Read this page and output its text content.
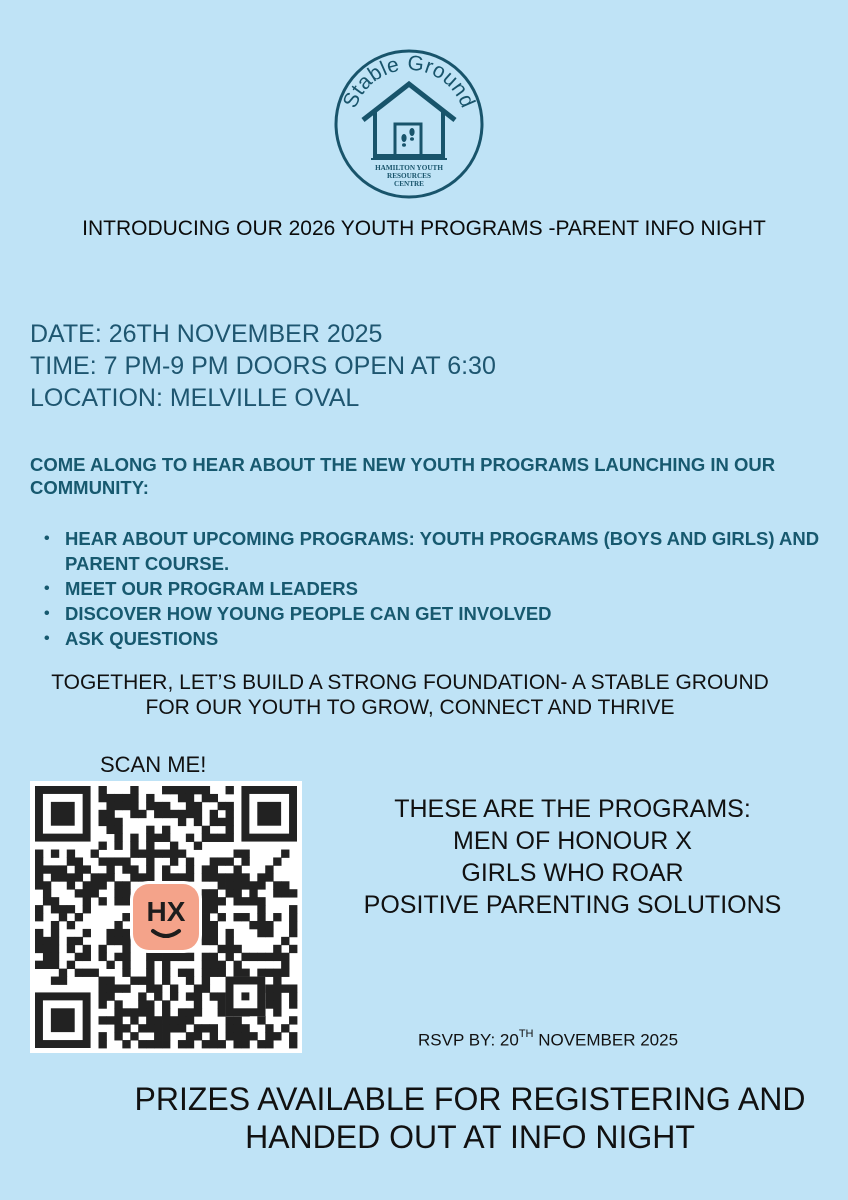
Stable Ground
HAMILTON YOUTH
RESOURCES
CENTRE
INTRODUCING OUR 2026 YOUTH PROGRAMS -PARENT INFO NIGHT
DATE: 26TH NOVEMBER 2025
TIME: 7 PM-9 PM DOORS OPEN AT 6:30
LOCATION: MELVILLE OVAL
COME ALONG TO HEAR ABOUT THE NEW YOUTH PROGRAMS LAUNCHING IN OUR COMMUNITY:
• HEAR ABOUT UPCOMING PROGRAMS: YOUTH PROGRAMS (BOYS AND GIRLS) AND PARENT COURSE.
• MEET OUR PROGRAM LEADERS
• DISCOVER HOW YOUNG PEOPLE CAN GET INVOLVED
• ASK QUESTIONS
TOGETHER, LET’S BUILD A STRONG FOUNDATION- A STABLE GROUND FOR OUR YOUTH TO GROW, CONNECT AND THRIVE
SCAN ME!
HX
THESE ARE THE PROGRAMS:
MEN OF HONOUR X
GIRLS WHO ROAR
POSITIVE PARENTING SOLUTIONS
RSVP BY: 20TH NOVEMBER 2025
PRIZES AVAILABLE FOR REGISTERING AND HANDED OUT AT INFO NIGHT
